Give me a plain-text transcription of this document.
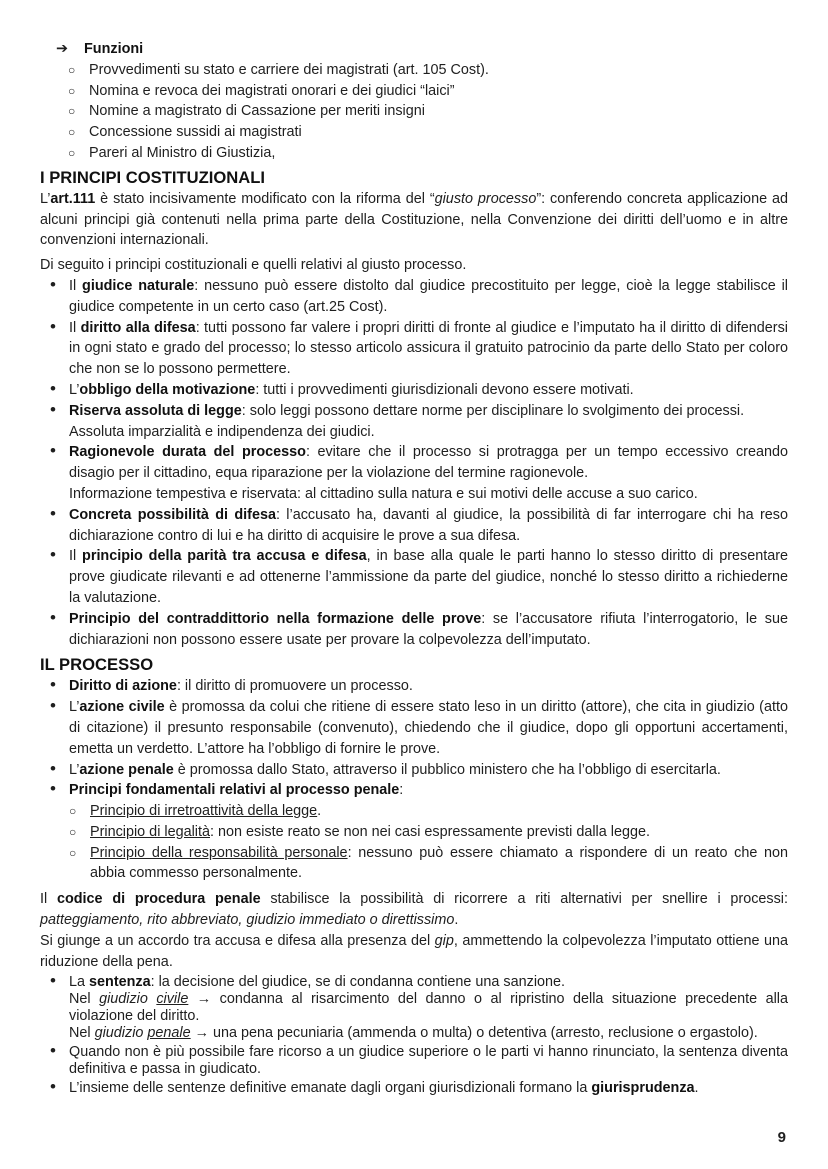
➔	Funzioni
○ Provvedimenti su stato e carriere dei magistrati (art. 105 Cost).
○ Nomina e revoca dei magistrati onorari e dei giudici “laici”
○ Nomine a magistrato di Cassazione per meriti insigni
○ Concessione sussidi ai magistrati
○ Pareri al Ministro di Giustizia,
I PRINCIPI COSTITUZIONALI

L’art.111 è stato incisivamente modificato con la riforma del “giusto processo”: conferendo concreta applicazione ad alcuni principi già contenuti nella prima parte della Costituzione, nella Convenzione dei diritti dell’uomo e in altre convenzioni internazionali.

Di seguito i principi costituzionali e quelli relativi al giusto processo.

• Il giudice naturale: nessuno può essere distolto dal giudice precostituito per legge, cioè la legge stabilisce il giudice competente in un certo caso (art.25 Cost).
• Il diritto alla difesa: tutti possono far valere i propri diritti di fronte al giudice e l’imputato ha il diritto di difendersi in ogni stato e grado del processo; lo stesso articolo assicura il gratuito patrocinio da parte dello Stato per coloro che non se lo possono permettere.
• L’obbligo della motivazione: tutti i provvedimenti giurisdizionali devono essere motivati.
• Riserva assoluta di legge: solo leggi possono dettare norme per disciplinare lo svolgimento dei processi.
Assoluta imparzialità e indipendenza dei giudici.
• Ragionevole durata del processo: evitare che il processo si protragga per un tempo eccessivo creando disagio per il cittadino, equa riparazione per la violazione del termine ragionevole.
Informazione tempestiva e riservata: al cittadino sulla natura e sui motivi delle accuse a suo carico.
• Concreta possibilità di difesa: l’accusato ha, davanti al giudice, la possibilità di far interrogare chi ha reso dichiarazione contro di lui e ha diritto di acquisire le prove a sua difesa.
• Il principio della parità tra accusa e difesa, in base alla quale le parti hanno lo stesso diritto di presentare prove giudicate rilevanti e ad ottenerne l’ammissione da parte del giudice, nonché lo stesso diritto a richiederne la valutazione.
• Principio del contraddittorio nella formazione delle prove: se l’accusatore rifiuta l’interrogatorio, le sue dichiarazioni non possono essere usate per provare la colpevolezza dell’imputato.
IL PROCESSO
• Diritto di azione: il diritto di promuovere un processo.
• L’azione civile è promossa da colui che ritiene di essere stato leso in un diritto (attore), che cita in giudizio (atto di citazione) il presunto responsabile (convenuto), chiedendo che il giudice, dopo gli opportuni accertamenti, emetta un verdetto. L’attore ha l’obbligo di fornire le prove.
• L’azione penale è promossa dallo Stato, attraverso il pubblico ministero che ha l’obbligo di esercitarla.
• Principi fondamentali relativi al processo penale:
○ Principio di irretroattività della legge.
○ Principio di legalità: non esiste reato se non nei casi espressamente previsti dalla legge.
○ Principio della responsabilità personale: nessuno può essere chiamato a rispondere di un reato che non abbia commesso personalmente.

Il codice di procedura penale stabilisce la possibilità di ricorrere a riti alternativi per snellire i processi: patteggiamento, rito abbreviato, giudizio immediato o direttissimo.

Si giunge a un accordo tra accusa e difesa alla presenza del gip, ammettendo la colpevolezza l’imputato ottiene una riduzione della pena.

• La sentenza: la decisione del giudice, se di condanna contiene una sanzione.
Nel giudizio civile → condanna al risarcimento del danno o al ripristino della situazione precedente alla violazione del diritto.
Nel giudizio penale → una pena pecuniaria (ammenda o multa) o detentiva (arresto, reclusione o ergastolo).
• Quando non è più possibile fare ricorso a un giudice superiore o le parti vi hanno rinunciato, la sentenza diventa definitiva e passa in giudicato.
• L’insieme delle sentenze definitive emanate dagli organi giurisdizionali formano la giurisprudenza.
9
